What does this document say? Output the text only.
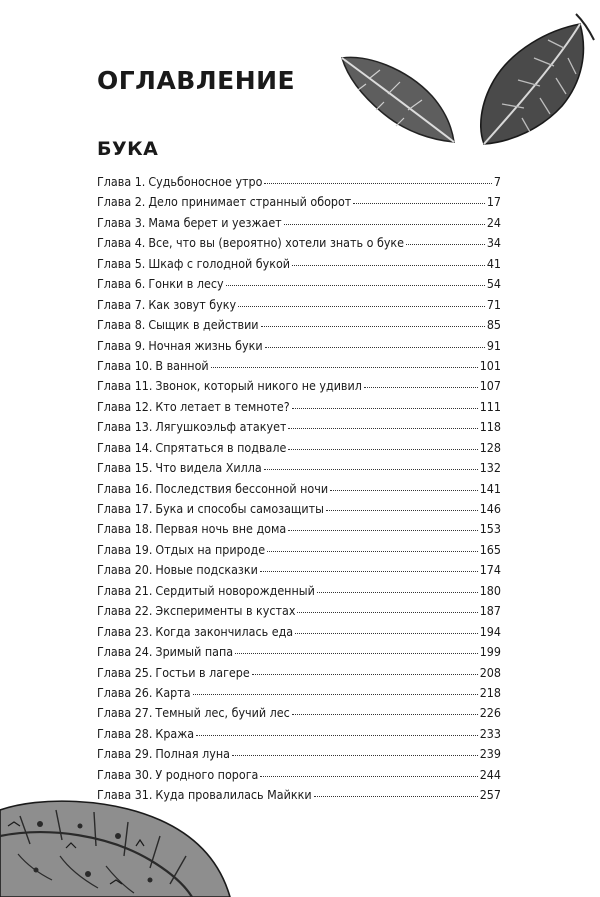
ОГЛАВЛЕНИЕ
БУКА
Глава 1. Судьбоносное утро	7
Глава 2. Дело принимает странный оборот	17
Глава 3. Мама берет и уезжает	24
Глава 4. Все, что вы (вероятно) хотели знать о буке	34
Глава 5. Шкаф с голодной букой	41
Глава 6. Гонки в лесу	54
Глава 7. Как зовут буку	71
Глава 8. Сыщик в действии	85
Глава 9. Ночная жизнь буки	91
Глава 10. В ванной	101
Глава 11. Звонок, который никого не удивил	107
Глава 12. Кто летает в темноте?	111
Глава 13. Лягушкоэльф атакует	118
Глава 14. Спрятаться в подвале	128
Глава 15. Что видела Хилла	132
Глава 16. Последствия бессонной ночи	141
Глава 17. Бука и способы самозащиты	146
Глава 18. Первая ночь вне дома	153
Глава 19. Отдых на природе	165
Глава 20. Новые подсказки	174
Глава 21. Сердитый новорожденный	180
Глава 22. Эксперименты в кустах	187
Глава 23. Когда закончилась еда	194
Глава 24. Зримый папа	199
Глава 25. Гостьи в лагере	208
Глава 26. Карта	218
Глава 27. Темный лес, бучий лес	226
Глава 28. Кража	233
Глава 29. Полная луна	239
Глава 30. У родного порога	244
Глава 31. Куда провалилась Майкки	257
